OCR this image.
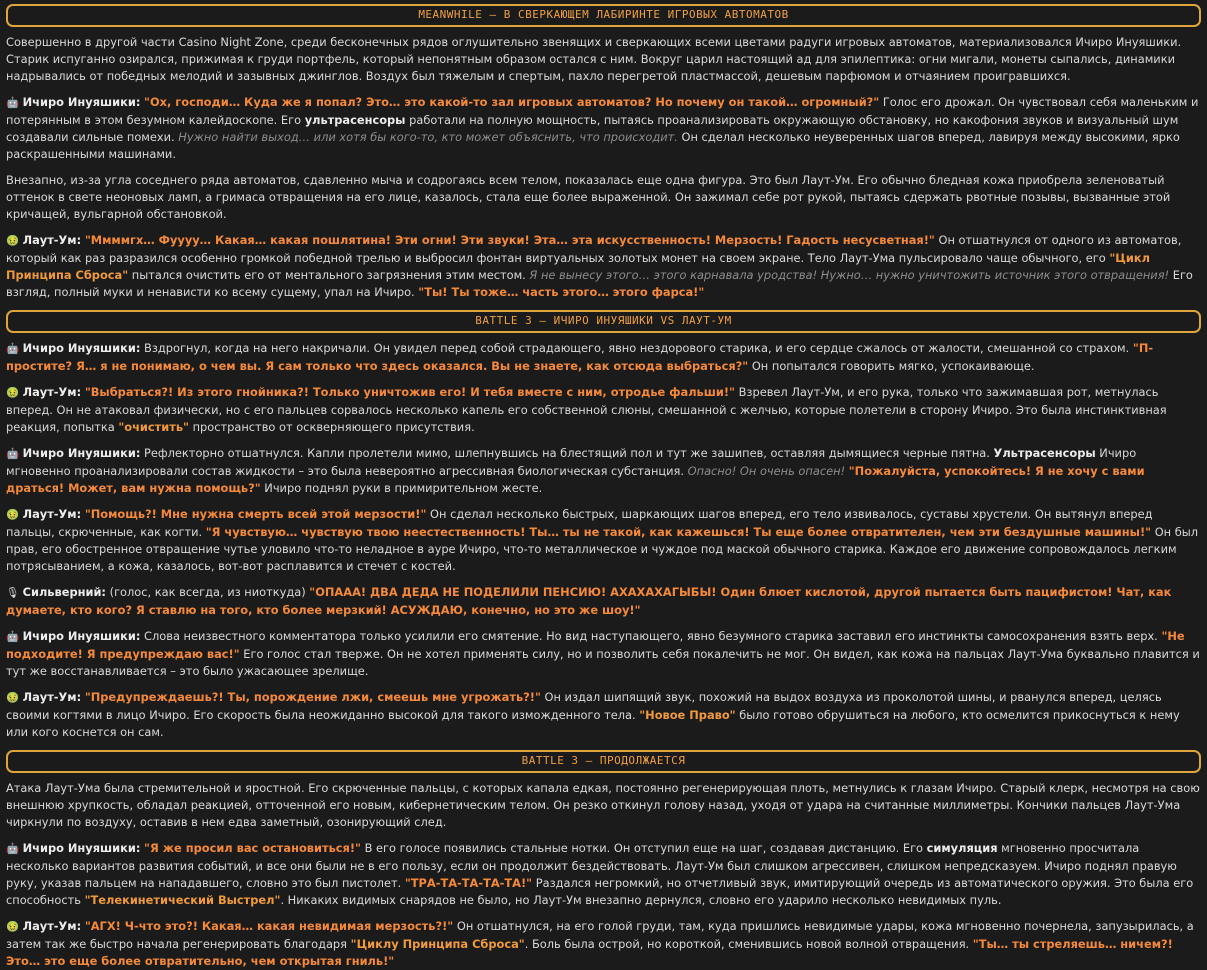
MEANWHILE – В СВЕРКАЮЩЕМ ЛАБИРИНТЕ ИГРОВЫХ АВТОМАТОВ

Совершенно в другой части Casino Night Zone, среди бесконечных рядов оглушительно звенящих и сверкающих всеми цветами радуги игровых автоматов, материализовался Ичиро Инуяшики. Старик испуганно озирался, прижимая к груди портфель, который непонятным образом остался с ним. Вокруг царил настоящий ад для эпилептика: огни мигали, монеты сыпались, динамики надрывались от победных мелодий и зазывных джинглов. Воздух был тяжелым и спертым, пахло перегретой пластмассой, дешевым парфюмом и отчаянием проигравшихся.

🤖 Ичиро Инуяшики: "Ох, господи… Куда же я попал? Это… это какой-то зал игровых автоматов? Но почему он такой… огромный?" Голос его дрожал. Он чувствовал себя маленьким и потерянным в этом безумном калейдоскопе. Его ультрасенсоры работали на полную мощность, пытаясь проанализировать окружающую обстановку, но какофония звуков и визуальный шум создавали сильные помехи. Нужно найти выход… или хотя бы кого-то, кто может объяснить, что происходит. Он сделал несколько неуверенных шагов вперед, лавируя между высокими, ярко раскрашенными машинами.

Внезапно, из-за угла соседнего ряда автоматов, сдавленно мыча и содрогаясь всем телом, показалась еще одна фигура. Это был Лаут-Ум. Его обычно бледная кожа приобрела зеленоватый оттенок в свете неоновых ламп, а гримаса отвращения на его лице, казалось, стала еще более выраженной. Он зажимал себе рот рукой, пытаясь сдержать рвотные позывы, вызванные этой кричащей, вульгарной обстановкой.

🤢 Лаут-Ум: "Ммммгх… Фуууу… Какая… какая пошлятина! Эти огни! Эти звуки! Эта… эта искусственность! Мерзость! Гадость несусветная!" Он отшатнулся от одного из автоматов, который как раз разразился особенно громкой победной трелью и выбросил фонтан виртуальных золотых монет на своем экране. Тело Лаут-Ума пульсировало чаще обычного, его "Цикл Принципа Сброса" пытался очистить его от ментального загрязнения этим местом. Я не вынесу этого… этого карнавала уродства! Нужно… нужно уничтожить источник этого отвращения! Его взгляд, полный муки и ненависти ко всему сущему, упал на Ичиро. "Ты! Ты тоже… часть этого… этого фарса!"

BATTLE 3 – ИЧИРО ИНУЯШИКИ VS ЛАУТ-УМ

🤖 Ичиро Инуяшики: Вздрогнул, когда на него накричали. Он увидел перед собой страдающего, явно нездорового старика, и его сердце сжалось от жалости, смешанной со страхом. "П-простите? Я… я не понимаю, о чем вы. Я сам только что здесь оказался. Вы не знаете, как отсюда выбраться?" Он попытался говорить мягко, успокаивающе.

🤢 Лаут-Ум: "Выбраться?! Из этого гнойника?! Только уничтожив его! И тебя вместе с ним, отродье фальши!" Взревел Лаут-Ум, и его рука, только что зажимавшая рот, метнулась вперед. Он не атаковал физически, но с его пальцев сорвалось несколько капель его собственной слюны, смешанной с желчью, которые полетели в сторону Ичиро. Это была инстинктивная реакция, попытка "очистить" пространство от оскверняющего присутствия.

🤖 Ичиро Инуяшики: Рефлекторно отшатнулся. Капли пролетели мимо, шлепнувшись на блестящий пол и тут же зашипев, оставляя дымящиеся черные пятна. Ультрасенсоры Ичиро мгновенно проанализировали состав жидкости – это была невероятно агрессивная биологическая субстанция. Опасно! Он очень опасен! "Пожалуйста, успокойтесь! Я не хочу с вами драться! Может, вам нужна помощь?" Ичиро поднял руки в примирительном жесте.

🤢 Лаут-Ум: "Помощь?! Мне нужна смерть всей этой мерзости!" Он сделал несколько быстрых, шаркающих шагов вперед, его тело извивалось, суставы хрустели. Он вытянул вперед пальцы, скрюченные, как когти. "Я чувствую… чувствую твою неестественность! Ты… ты не такой, как кажешься! Ты еще более отвратителен, чем эти бездушные машины!" Он был прав, его обостренное отвращение чутье уловило что-то неладное в ауре Ичиро, что-то металлическое и чуждое под маской обычного старика. Каждое его движение сопровождалось легким потрясыванием, а кожа, казалось, вот-вот расплавится и стечет с костей.

🎙 Сильверний: (голос, как всегда, из ниоткуда) "ОПААА! ДВА ДЕДА НЕ ПОДЕЛИЛИ ПЕНСИЮ! АХАХАХАГЫБЫ! Один блюет кислотой, другой пытается быть пацифистом! Чат, как думаете, кто кого? Я ставлю на того, кто более мерзкий! АСУЖДАЮ, конечно, но это же шоу!"

🤖 Ичиро Инуяшики: Слова неизвестного комментатора только усилили его смятение. Но вид наступающего, явно безумного старика заставил его инстинкты самосохранения взять верх. "Не подходите! Я предупреждаю вас!" Его голос стал тверже. Он не хотел применять силу, но и позволить себя покалечить не мог. Он видел, как кожа на пальцах Лаут-Ума буквально плавится и тут же восстанавливается – это было ужасающее зрелище.

🤢 Лаут-Ум: "Предупреждаешь?! Ты, порождение лжи, смеешь мне угрожать?!" Он издал шипящий звук, похожий на выдох воздуха из проколотой шины, и рванулся вперед, целясь своими когтями в лицо Ичиро. Его скорость была неожиданно высокой для такого изможденного тела. "Новое Право" было готово обрушиться на любого, кто осмелится прикоснуться к нему или кого коснется он сам.

BATTLE 3 – ПРОДОЛЖАЕТСЯ

Атака Лаут-Ума была стремительной и яростной. Его скрюченные пальцы, с которых капала едкая, постоянно регенерирующая плоть, метнулись к глазам Ичиро. Старый клерк, несмотря на свою внешнюю хрупкость, обладал реакцией, отточенной его новым, кибернетическим телом. Он резко откинул голову назад, уходя от удара на считанные миллиметры. Кончики пальцев Лаут-Ума чиркнули по воздуху, оставив в нем едва заметный, озонирующий след.

🤖 Ичиро Инуяшики: "Я же просил вас остановиться!" В его голосе появились стальные нотки. Он отступил еще на шаг, создавая дистанцию. Его симуляция мгновенно просчитала несколько вариантов развития событий, и все они были не в его пользу, если он продолжит бездействовать. Лаут-Ум был слишком агрессивен, слишком непредсказуем. Ичиро поднял правую руку, указав пальцем на нападавшего, словно это был пистолет. "ТРА-ТА-ТА-ТА-ТА!" Раздался негромкий, но отчетливый звук, имитирующий очередь из автоматического оружия. Это была его способность "Телекинетический Выстрел". Никаких видимых снарядов не было, но Лаут-Ум внезапно дернулся, словно его ударило несколько невидимых пуль.

🤢 Лаут-Ум: "АГХ! Ч-что это?! Какая… какая невидимая мерзость?!" Он отшатнулся, на его голой груди, там, куда пришлись невидимые удары, кожа мгновенно почернела, запузырилась, а затем так же быстро начала регенерировать благодаря "Циклу Принципа Сброса". Боль была острой, но короткой, сменившись новой волной отвращения. "Ты… ты стреляешь… ничем?! Это… это еще более отвратительно, чем открытая гниль!"
